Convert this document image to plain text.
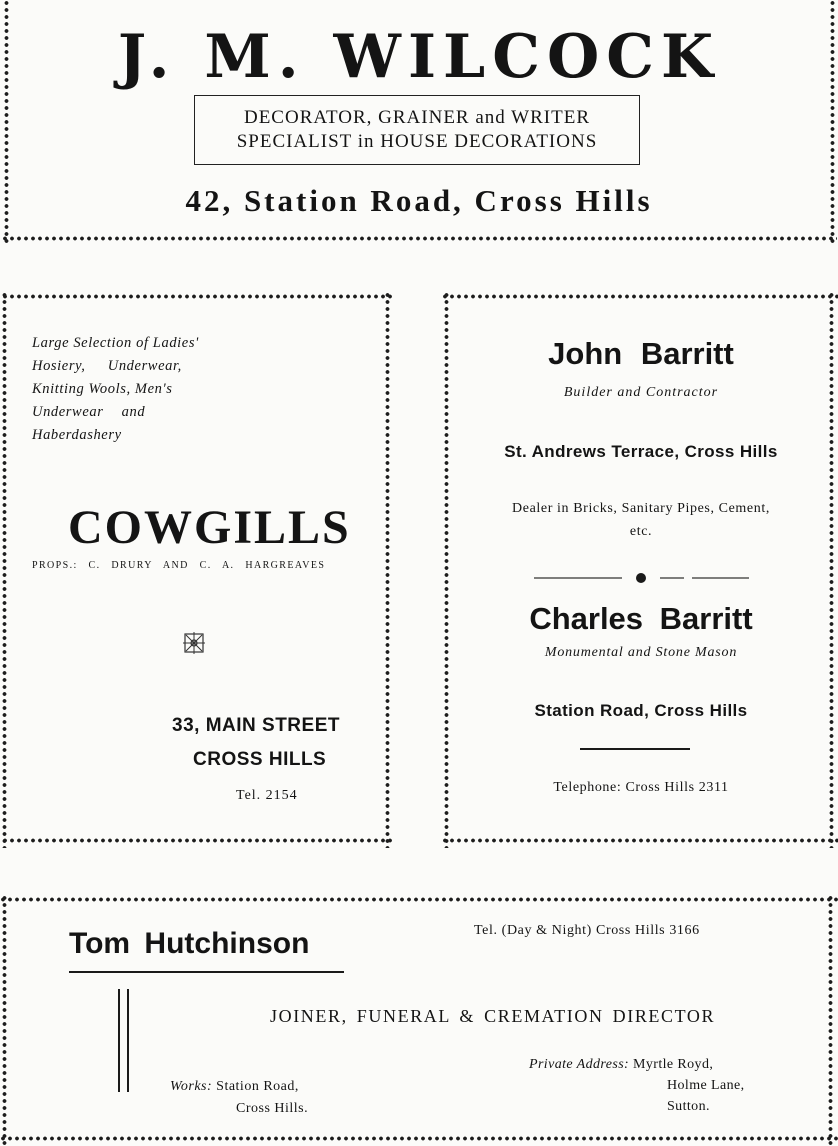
J. M. WILCOCK
DECORATOR, GRAINER and WRITER
SPECIALIST in HOUSE DECORATIONS
42, Station Road, Cross Hills
Large Selection of Ladies'
Hosiery, Underwear,
Knitting Wools, Men's
Underwear and
Haberdashery
COWGILLS
PROPS.: C. DRURY AND C. A. HARGREAVES
33, MAIN STREET
CROSS HILLS
Tel. 2154
John Barritt
Builder and Contractor
St. Andrews Terrace, Cross Hills
Dealer in Bricks, Sanitary Pipes, Cement,
etc.
Charles Barritt
Monumental and Stone Mason
Station Road, Cross Hills
Telephone: Cross Hills 2311
Tom Hutchinson	Tel. (Day & Night) Cross Hills 3166
JOINER, FUNERAL & CREMATION DIRECTOR
Works: Station Road,
Cross Hills.
Private Address: Myrtle Royd,
Holme Lane,
Sutton.
